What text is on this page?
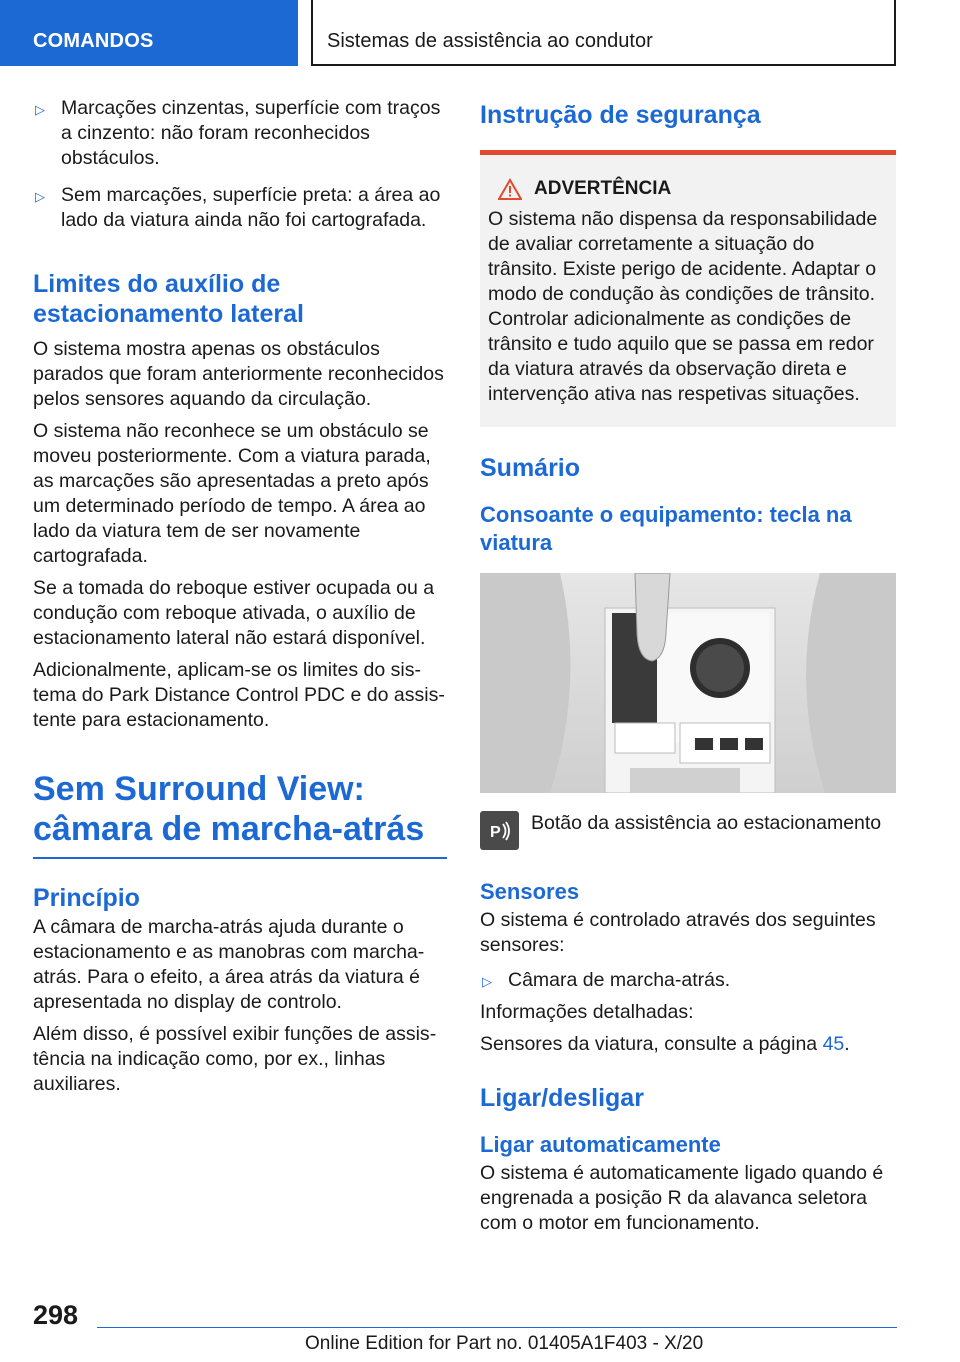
COMANDOS	Sistemas de assistência ao condutor
▷ Marcações cinzentas, superfície com traços a cinzento: não foram reconhecidos obstáculos.
▷ Sem marcações, superfície preta: a área ao lado da viatura ainda não foi cartografada.
Limites do auxílio de estacionamento lateral

O sistema mostra apenas os obstáculos parados que foram anteriormente reconhecidos pelos sensores aquando da circulação.

O sistema não reconhece se um obstáculo se moveu posteriormente. Com a viatura parada, as marcações são apresentadas a preto após um determinado período de tempo. A área ao lado da viatura tem de ser novamente cartografada.

Se a tomada do reboque estiver ocupada ou a condução com reboque ativada, o auxílio de estacionamento lateral não estará disponível.

Adicionalmente, aplicam-se os limites do sistema do Park Distance Control PDC e do assistente para estacionamento.

Sem Surround View: câmara de marcha-atrás
Princípio

A câmara de marcha-atrás ajuda durante o estacionamento e as manobras com marcha-atrás. Para o efeito, a área atrás da viatura é apresentada no display de controlo.

Além disso, é possível exibir funções de assistência na indicação como, por ex., linhas auxiliares.

Instrução de segurança
ADVERTÊNCIA
O sistema não dispensa da responsabilidade de avaliar corretamente a situação do trânsito. Existe perigo de acidente. Adaptar o modo de condução às condições de trânsito. Controlar adicionalmente as condições de trânsito e tudo aquilo que se passa em redor da viatura através da observação direta e intervenção ativa nas respetivas situações.
Sumário
Consoante o equipamento: tecla na viatura
P Botão da assistência ao estacionamento
Sensores

O sistema é controlado através dos seguintes sensores:

▷ Câmara de marcha-atrás.

Informações detalhadas:

Sensores da viatura, consulte a página 45.

Ligar/desligar
Ligar automaticamente

O sistema é automaticamente ligado quando é engrenada a posição R da alavanca seletora com o motor em funcionamento.

298
Online Edition for Part no. 01405A1F403 - X/20
